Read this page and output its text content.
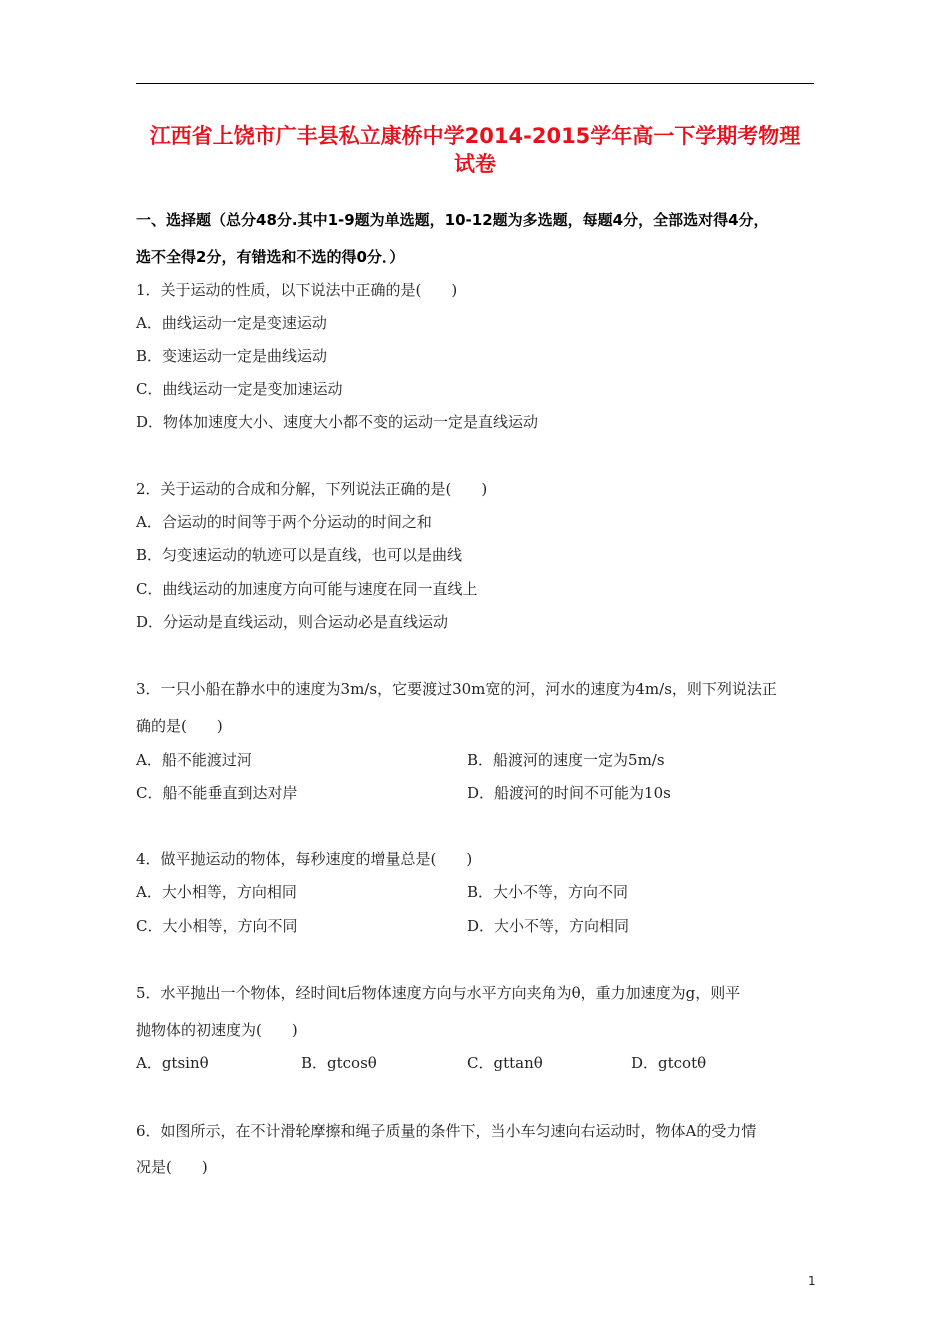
江西省上饶市广丰县私立康桥中学2014-2015学年高一下学期考物理
试卷
一、选择题（总分48分.其中1-9题为单选题，10-12题为多选题，每题4分，全部选对得4分，
选不全得2分，有错选和不选的得0分．）
1．关于运动的性质，以下说法中正确的是(　　)
A．曲线运动一定是变速运动
B．变速运动一定是曲线运动
C．曲线运动一定是变加速运动
D．物体加速度大小、速度大小都不变的运动一定是直线运动
2．关于运动的合成和分解，下列说法正确的是(　　)
A．合运动的时间等于两个分运动的时间之和
B．匀变速运动的轨迹可以是直线，也可以是曲线
C．曲线运动的加速度方向可能与速度在同一直线上
D．分运动是直线运动，则合运动必是直线运动
3．一只小船在静水中的速度为3m/s，它要渡过30m宽的河，河水的速度为4m/s，则下列说法正
确的是(　　)
A．船不能渡过河	B．船渡河的速度一定为5m/s
C．船不能垂直到达对岸	D．船渡河的时间不可能为10s
4．做平抛运动的物体，每秒速度的增量总是(　　)
A．大小相等，方向相同	B．大小不等，方向不同
C．大小相等，方向不同	D．大小不等，方向相同
5．水平抛出一个物体，经时间t后物体速度方向与水平方向夹角为θ，重力加速度为g，则平
抛物体的初速度为(　　)
A．gtsinθ	B．gtcosθ	C．gttanθ	D．gtcotθ
6．如图所示，在不计滑轮摩擦和绳子质量的条件下，当小车匀速向右运动时，物体A的受力情
况是(　　)
1
